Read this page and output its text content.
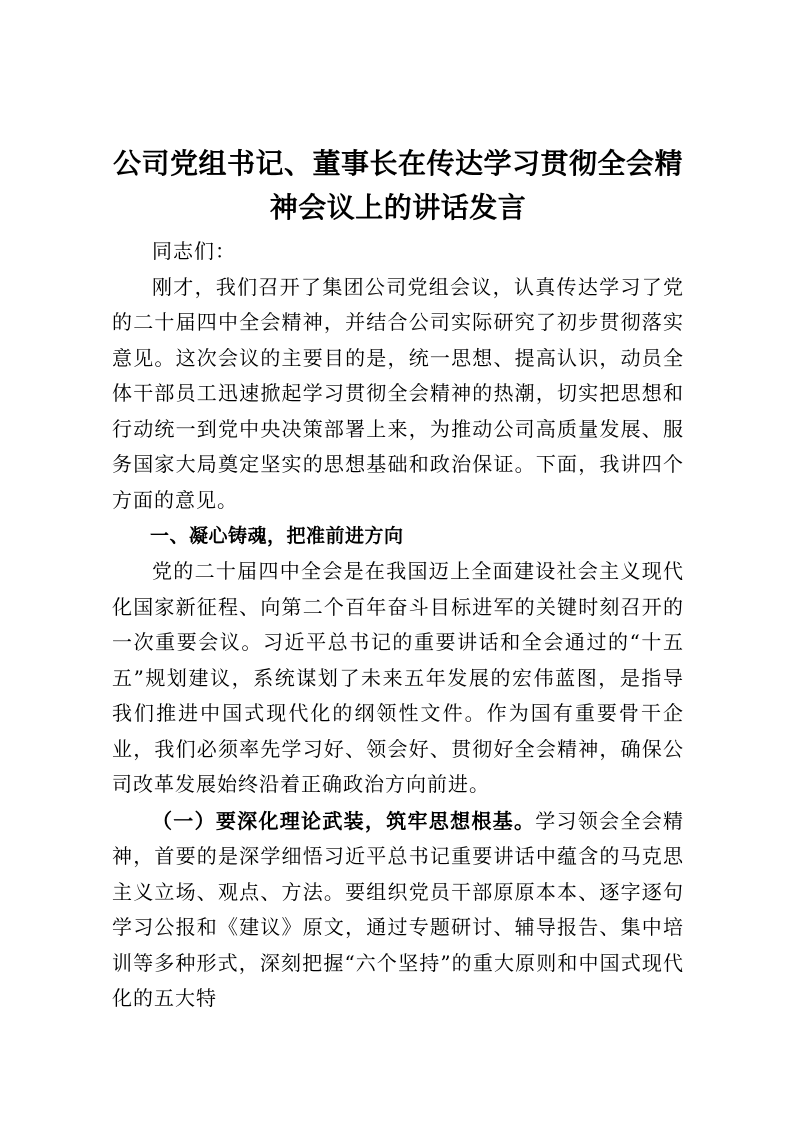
公司党组书记、董事长在传达学习贯彻全会精神会议上的讲话发言

同志们：

刚才，我们召开了集团公司党组会议，认真传达学习了党的二十届四中全会精神，并结合公司实际研究了初步贯彻落实意见。这次会议的主要目的是，统一思想、提高认识，动员全体干部员工迅速掀起学习贯彻全会精神的热潮，切实把思想和行动统一到党中央决策部署上来，为推动公司高质量发展、服务国家大局奠定坚实的思想基础和政治保证。下面，我讲四个方面的意见。

一、凝心铸魂，把准前进方向

党的二十届四中全会是在我国迈上全面建设社会主义现代化国家新征程、向第二个百年奋斗目标进军的关键时刻召开的一次重要会议。习近平总书记的重要讲话和全会通过的“十五五”规划建议，系统谋划了未来五年发展的宏伟蓝图，是指导我们推进中国式现代化的纲领性文件。作为国有重要骨干企业，我们必须率先学习好、领会好、贯彻好全会精神，确保公司改革发展始终沿着正确政治方向前进。

（一）要深化理论武装，筑牢思想根基。学习领会全会精神，首要的是深学细悟习近平总书记重要讲话中蕴含的马克思主义立场、观点、方法。要组织党员干部原原本本、逐字逐句学习公报和《建议》原文，通过专题研讨、辅导报告、集中培训等多种形式，深刻把握“六个坚持”的重大原则和中国式现代化的五大特
